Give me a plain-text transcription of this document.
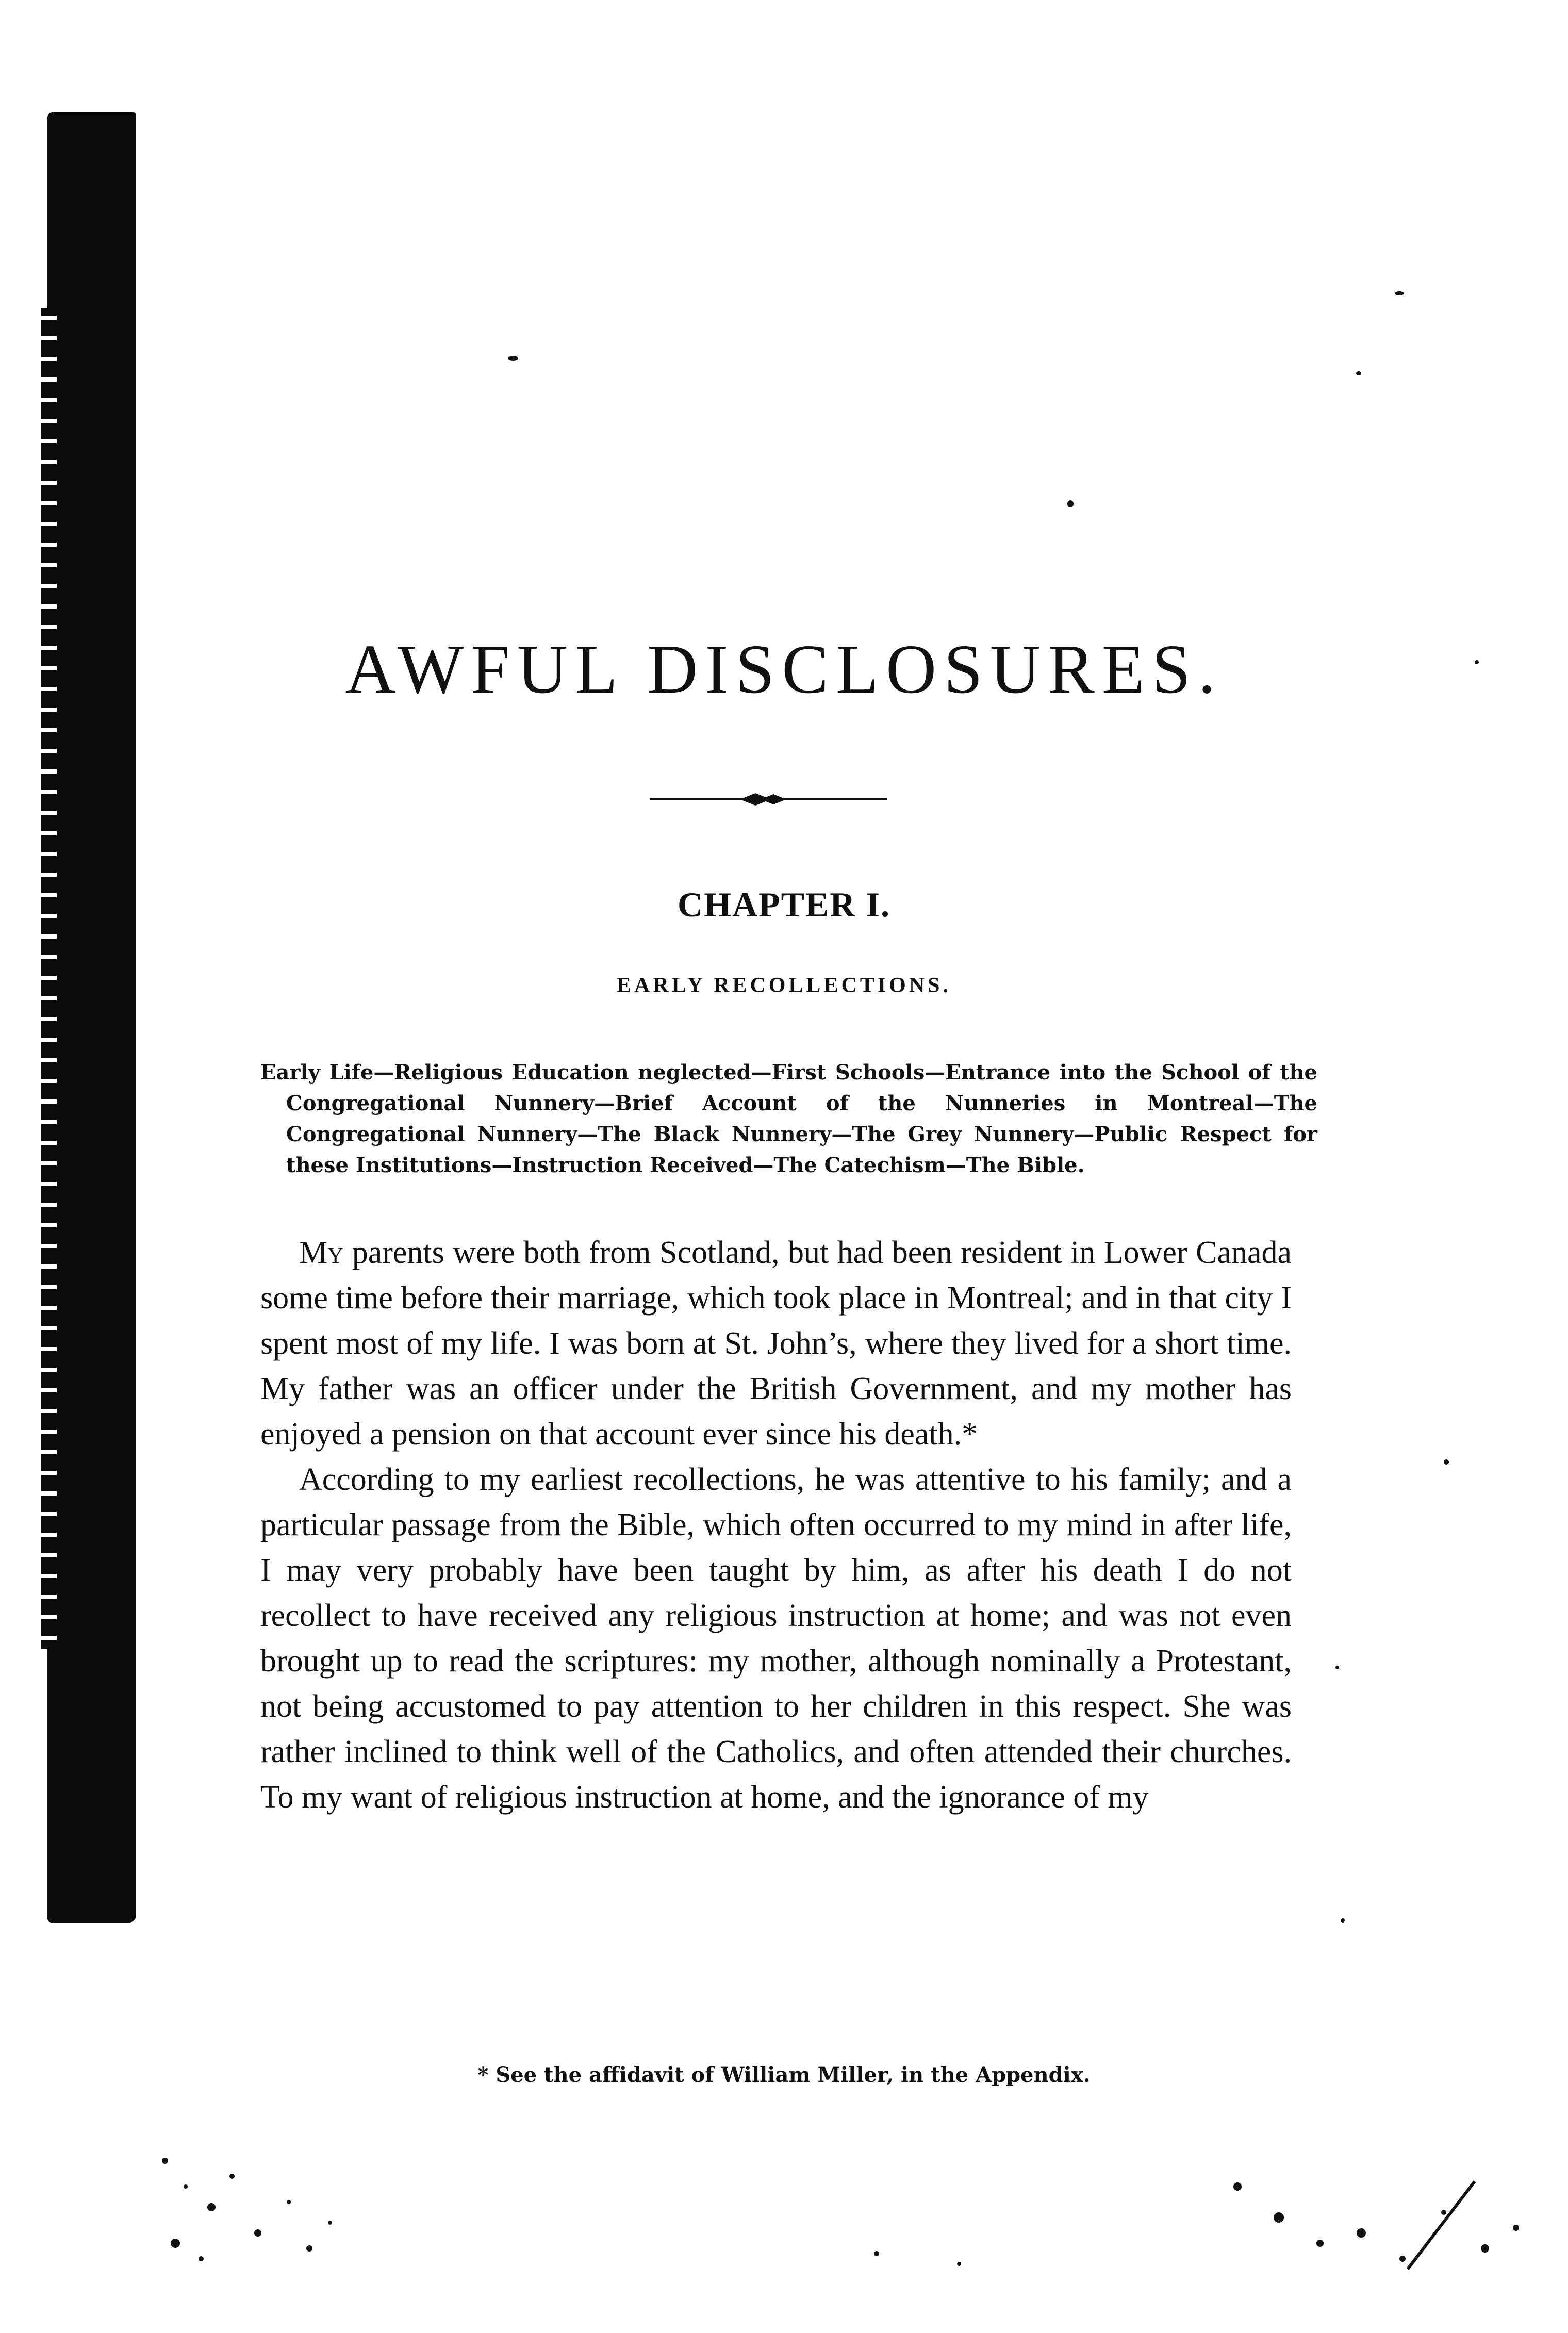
AWFUL DISCLOSURES.
CHAPTER I.
EARLY RECOLLECTIONS.

Early Life—Religious Education neglected—First Schools—Entrance into the School of the Congregational Nunnery—Brief Account of the Nunneries in Montreal—The Congregational Nunnery—The Black Nunnery—The Grey Nunnery—Public Respect for these Institutions—Instruction Received—The Catechism—The Bible.

My parents were both from Scotland, but had been resident in Lower Canada some time before their marriage, which took place in Montreal; and in that city I spent most of my life. I was born at St. John’s, where they lived for a short time. My father was an officer under the British Government, and my mother has enjoyed a pension on that account ever since his death.*

According to my earliest recollections, he was attentive to his family; and a particular passage from the Bible, which often occurred to my mind in after life, I may very probably have been taught by him, as after his death I do not recollect to have received any religious instruction at home; and was not even brought up to read the scriptures: my mother, although nominally a Protestant, not being accustomed to pay attention to her children in this respect. She was rather inclined to think well of the Catholics, and often attended their churches. To my want of religious instruction at home, and the ignorance of my

* See the affidavit of William Miller, in the Appendix.
